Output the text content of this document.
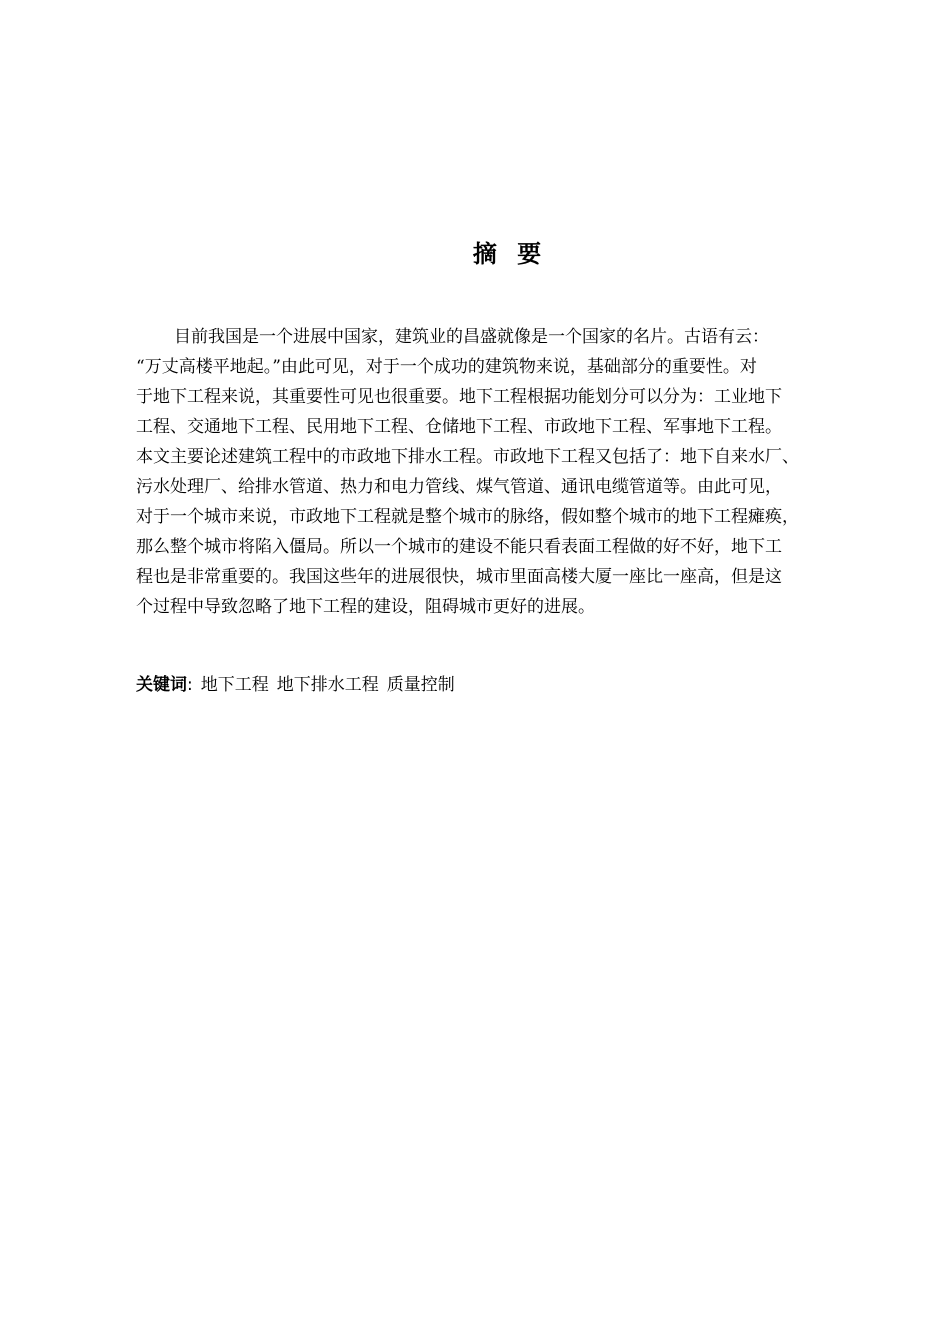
摘 要
目前我国是一个进展中国家，建筑业的昌盛就像是一个国家的名片。古语有云：
“万丈高楼平地起。”由此可见，对于一个成功的建筑物来说，基础部分的重要性。对
于地下工程来说，其重要性可见也很重要。地下工程根据功能划分可以分为：工业地下
工程、交通地下工程、民用地下工程、仓储地下工程、市政地下工程、军事地下工程。
本文主要论述建筑工程中的市政地下排水工程。市政地下工程又包括了：地下自来水厂、
污水处理厂、给排水管道、热力和电力管线、煤气管道、通讯电缆管道等。由此可见，
对于一个城市来说，市政地下工程就是整个城市的脉络，假如整个城市的地下工程瘫痪，
那么整个城市将陷入僵局。所以一个城市的建设不能只看表面工程做的好不好，地下工
程也是非常重要的。我国这些年的进展很快，城市里面高楼大厦一座比一座高，但是这
个过程中导致忽略了地下工程的建设，阻碍城市更好的进展。
关键词: 地下工程 地下排水工程 质量控制
